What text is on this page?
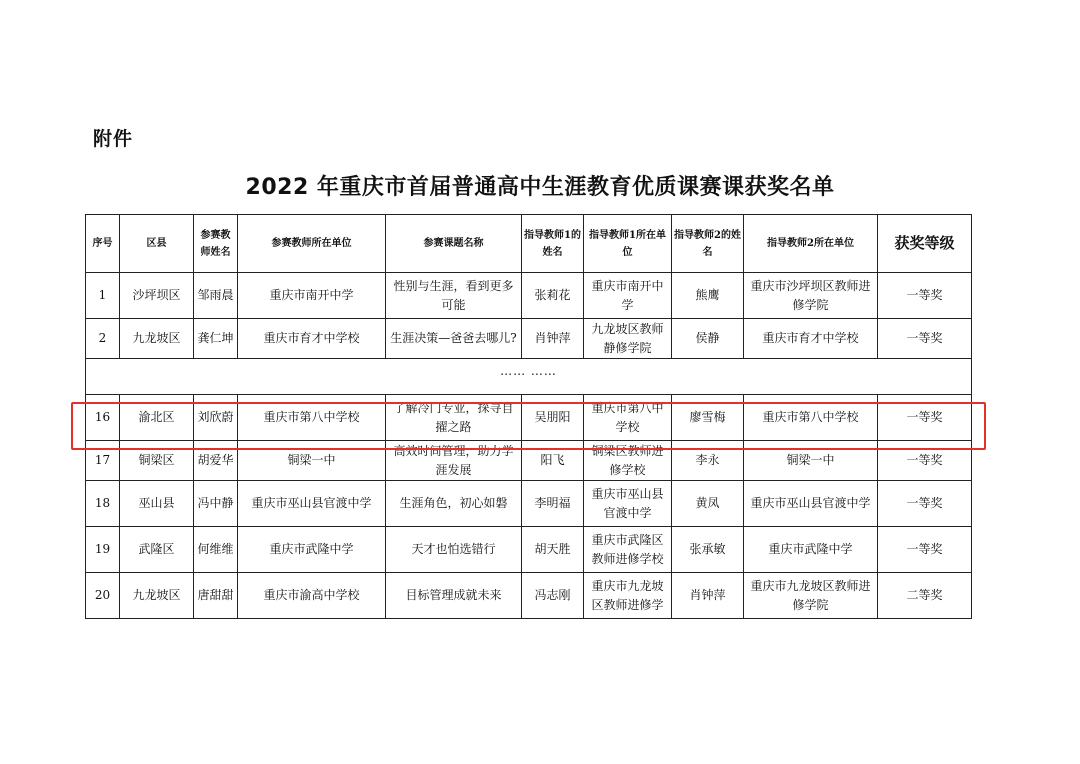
附件
2022 年重庆市首届普通高中生涯教育优质课赛课获奖名单
序号	区县	参赛教师姓名	参赛教师所在单位	参赛课题名称	指导教师1的姓名	指导教师1所在单位	指导教师2的姓名	指导教师2所在单位	获奖等级
1	沙坪坝区	邹雨晨	重庆市南开中学	性别与生涯，看到更多可能	张莉花	重庆市南开中学	熊鹰	重庆市沙坪坝区教师进修学院	一等奖
2	九龙坡区	龚仁坤	重庆市育才中学校	生涯决策—爸爸去哪儿?	肖钟萍	九龙坡区教师静修学院	侯静	重庆市育才中学校	一等奖
…… ……									
16	渝北区	刘欣蔚	重庆市第八中学校	了解冷门专业，探寻自擢之路	吴朋阳	重庆市第八中学校	廖雪梅	重庆市第八中学校	一等奖
17	铜梁区	胡爱华	铜梁一中	高效时间管理，助力学涯发展	阳飞	铜梁区教师进修学校	李永	铜梁一中	一等奖
18	巫山县	冯中静	重庆市巫山县官渡中学	生涯角色，初心如磐	李明福	重庆市巫山县官渡中学	黄凤	重庆市巫山县官渡中学	一等奖
19	武隆区	何维维	重庆市武隆中学	天才也怕选错行	胡天胜	重庆市武隆区教师进修学校	张承敏	重庆市武隆中学	一等奖
20	九龙坡区	唐甜甜	重庆市渝高中学校	目标管理成就未来	冯志刚	重庆市九龙坡区教师进修学	肖钟萍	重庆市九龙坡区教师进修学院	二等奖
